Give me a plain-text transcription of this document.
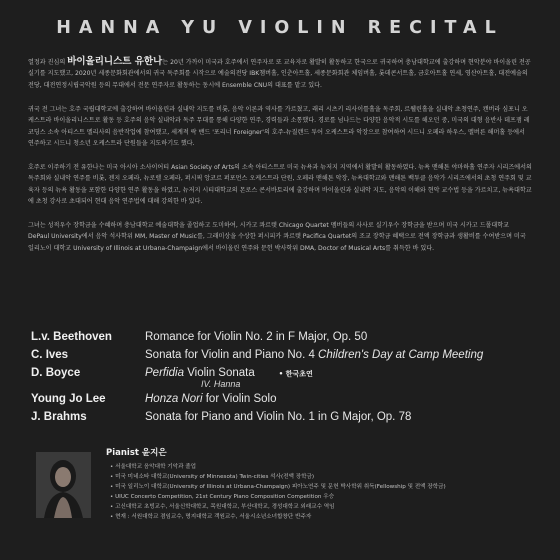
HANNA YU VIOLIN RECITAL

열정과 진심의 바이올리니스트 유한나는 20년 가까이 미국과 호주에서 연주자로 또 교육자로 활발히 활동하고 한국으로 귀국하여 충남대학교에 출강하며 현악분야 바이올린 전공실기를 지도했고, 2020년 세종문화회관에서의 귀국 독주회를 시작으로 예술의전당 IBK챔버홀, 인춘아트홀, 세종문화회관 체임버홀, 롯데콘서트홀, 금호아트홀 연세, 영산아트홀, 대전예술의전당, 대전연정시립국악원 등의 무대에서 전문 연주자로 활동하는 동시에 Ensemble CNU의 대표를 맡고 있다.

귀국 전 그녀는 호주 국립대학교에 출강하여 바이올린과 실내악 지도를 비롯, 음악 이론과 역사를 가르쳤고, 래리 시츠키 리사이틀홀을 독주회, 르웰린홀을 실내악 초청연주, 캔버라 심포니 오케스트라 바이올리니스트로 활동 등 호주의 음악 실내악과 독주 무대를 통해 다양한 연주, 경력들과 소통했다. 경로를 넘나드는 다양한 음악적 시도를 해오던 중, 미국의 대형 음반사 데프잼 레코딩스 소속 아티스트 멜리사의 음반작업에 참여했고, 세계적 락 밴드 '포리너 Foreigner'의 호주-뉴질랜드 투어 오케스트라 악장으로 참여하여 시드니 오페라 하우스, 멜버른 해머홀 등에서 연주하고 시드니 청소년 오케스트라 단원들을 지도하기도 했다.

호주로 이주하기 전 유한나는 미국 아시아 소사이어티 Asian Society of Arts의 소속 아티스트로 미국 뉴욕과 뉴저지 지역에서 활발히 활동하였다. 뉴욕 맨해튼 야마하홀 연주자 시리즈에서의 독주회와 실내악 연주를 비롯, 젠지 오페라, 뉴로렐 오페라, 퍼시픽 앙코르 퍼포먼스 오케스트라 단원, 오페라 맨해튼 악장, 뉴욕대학교와 맨해튼 백투클 음악가 시리즈에서의 초청 연주회 및 교육자 등의 뉴욕 활동을 포함한 다양한 연주 활동을 하였고, 뉴저지 시티대학교의 몬로스 콘서바토리에 출강하며 바이올린과 실내악 지도, 음악의 이해와 현악 교수법 등을 가르치고, 뉴욕대학교에 초청 강사로 초대되어 현대 음악 연주법에 대해 강의한 바 있다.

그녀는 성적우수 장학금을 수혜하며 충남대학교 예술대학을 졸업하고 도미하여, 시카고 콰르텟 Chicago Quartet 멤버들의 사사로 실기우수 장학금을 받으며 미국 시카고 드폴대학교 DePaul University에서 음악 석사학위 MM, Master of Music를, 그래미상을 수상한 퍼시피카 콰르텟 Pacifica Quartet의 조교 장학금 혜택으로 전액 장학금과 생활비를 수여받으며 미국 일리노이 대학교 University of Illinois at Urbana-Champaign에서 바이올린 연주와 문헌 박사학위 DMA, Doctor of Musical Arts를 취득한 바 있다.

L.v. Beethoven	Romance for Violin No. 2 in F Major, Op. 50
C. Ives	Sonata for Violin and Piano No. 4 Children's Day at Camp Meeting
D. Boyce	Perfidia Violin Sonata	• 한국초연
IV. Hanna
Young Jo Lee	Honza Nori for Violin Solo
J. Brahms	Sonata for Piano and Violin No. 1 in G Major, Op. 78
Pianist 윤지은
• 서울대학교 음악대학 기악과 졸업
• 미국 미네소타 대학교(University of Minnesota) Twin-cities 석사(전액 장학금)
• 미국 일리노이 대학교(University of Illinois at Urbana-Champaign) 피아노연주 및 문헌 박사학위 취득(Fellowship 및 전액 장학금)
• UIUC Concerto Competition, 21st Century Piano Composition Competition 우승
• 고신대학교 초빙교수, 서울신학대학교, 목원대학교, 부산대학교, 경성대학교 외래교수 역임
• 현재 : 서원대학교 겸임교수, 명지대학교 객원교수, 서울시소년소녀합창단 반주자
